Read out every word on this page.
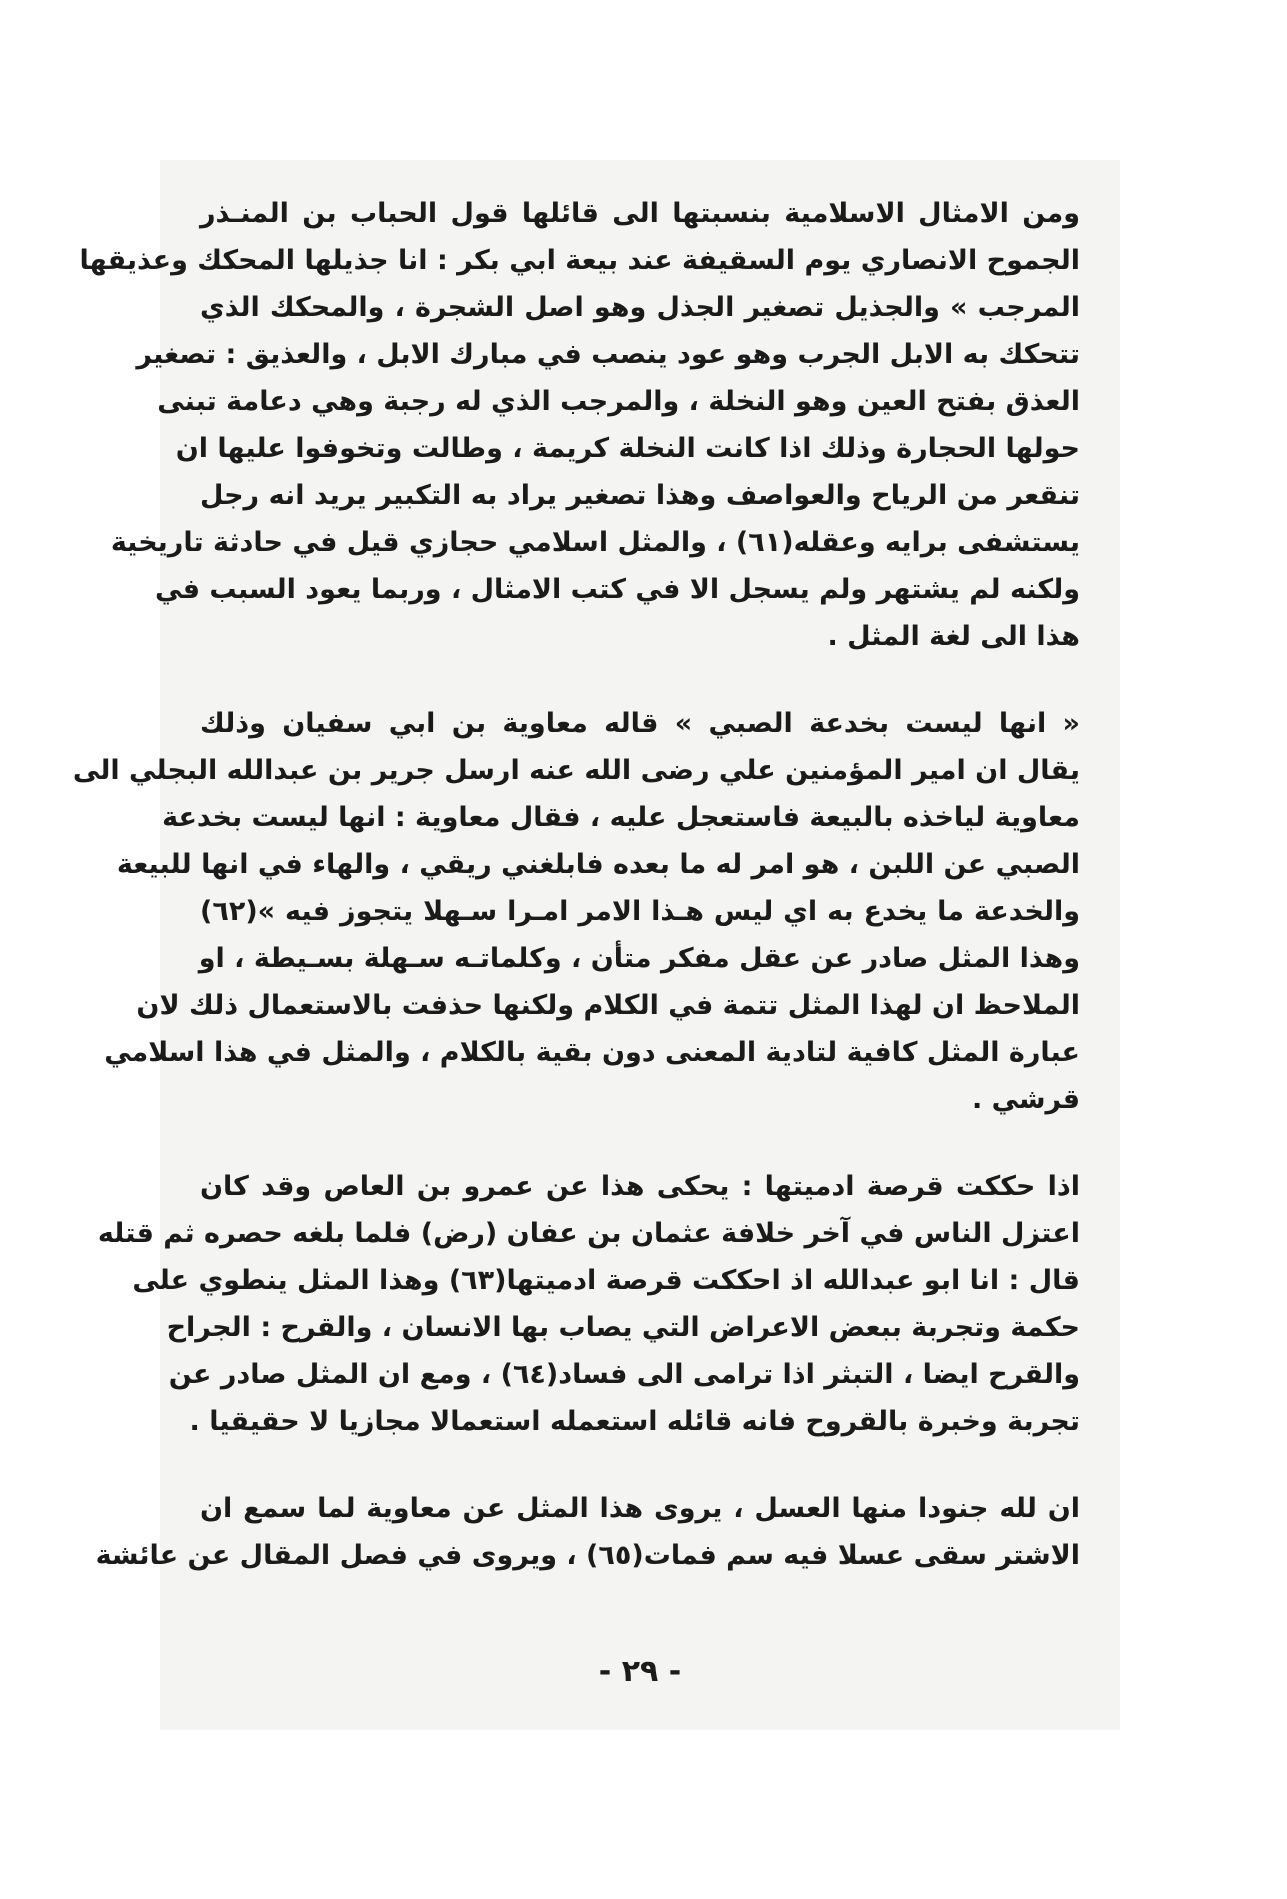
ومن الامثال الاسلامية بنسبتها الى قائلها قول الحباب بن المنـذر
الجموح الانصاري يوم السقيفة عند بيعة ابي بكر : انا جذيلها المحكك وعذيقها
المرجب » والجذيل تصغير الجذل وهو اصل الشجرة ، والمحكك الذي
تتحكك به الابل الجرب وهو عود ينصب في مبارك الابل ، والعذيق : تصغير
العذق بفتح العين وهو النخلة ، والمرجب الذي له رجبة وهي دعامة تبنى
حولها الحجارة وذلك اذا كانت النخلة كريمة ، وطالت وتخوفوا عليها ان
تنقعر من الرياح والعواصف وهذا تصغير يراد به التكبير يريد انه رجل
يستشفى برايه وعقله(٦١) ، والمثل اسلامي حجازي قيل في حادثة تاريخية
ولكنه لم يشتهر ولم يسجل الا في كتب الامثال ، وربما يعود السبب في
هذا الى لغة المثل .
« انها ليست بخدعة الصبي » قاله معاوية بن ابي سفيان وذلك
يقال ان امير المؤمنين علي رضى الله عنه ارسل جرير بن عبدالله البجلي الى
معاوية لياخذه بالبيعة فاستعجل عليه ، فقال معاوية : انها ليست بخدعة
الصبي عن اللبن ، هو امر له ما بعده فابلغني ريقي ، والهاء في انها للبيعة
والخدعة ما يخدع به اي ليس هـذا الامر امـرا سـهلا يتجوز فيه »(٦٢)
وهذا المثل صادر عن عقل مفكر متأن ، وكلماتـه سـهلة بسـيطة ، او
الملاحظ ان لهذا المثل تتمة في الكلام ولكنها حذفت بالاستعمال ذلك لان
عبارة المثل كافية لتادية المعنى دون بقية بالكلام ، والمثل في هذا اسلامي
قرشي .
اذا حككت قرصة ادميتها : يحكى هذا عن عمرو بن العاص وقد كان
اعتزل الناس في آخر خلافة عثمان بن عفان (رض) فلما بلغه حصره ثم قتله
قال : انا ابو عبدالله اذ احككت قرصة ادميتها(٦٣) وهذا المثل ينطوي على
حكمة وتجربة ببعض الاعراض التي يصاب بها الانسان ، والقرح : الجراح
والقرح ايضا ، التبثر اذا ترامى الى فساد(٦٤) ، ومع ان المثل صادر عن
تجربة وخبرة بالقروح فانه قائله استعمله استعمالا مجازيا لا حقيقيا .
ان لله جنودا منها العسل ، يروى هذا المثل عن معاوية لما سمع ان
الاشتر سقى عسلا فيه سم فمات(٦٥) ، ويروى في فصل المقال عن عائشة
- ٢٩ -
